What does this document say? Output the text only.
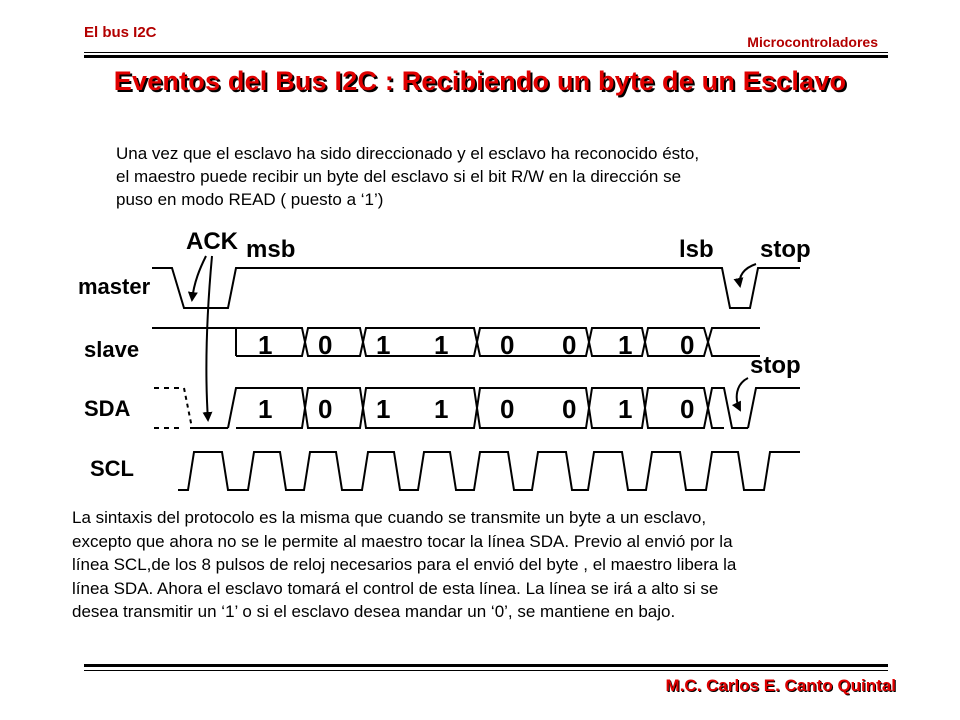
El bus I2C
Microcontroladores
Eventos del Bus I2C : Recibiendo un byte de un Esclavo
Una vez que el esclavo ha sido direccionado y el esclavo ha reconocido ésto,
el maestro puede recibir un byte del esclavo si el bit R/W en la dirección se
puso en modo READ ( puesto a ‘1’)
master
slave
SDA
SCL
ACK msb	lsb stop
stop
1 0 1 1 0 0 1 0
1 0 1 1 0 0 1 0
La sintaxis del protocolo es la misma que cuando se transmite un byte a un esclavo,
excepto que ahora no se le permite al maestro tocar la línea SDA. Previo al envió por la
línea SCL,de los 8 pulsos de reloj necesarios para el envió del byte , el maestro libera la
línea SDA. Ahora el esclavo tomará el control de esta línea. La línea se irá a alto si se
desea transmitir un ‘1’ o si el esclavo desea mandar un ‘0’, se mantiene en bajo.
M.C. Carlos E. Canto Quintal
